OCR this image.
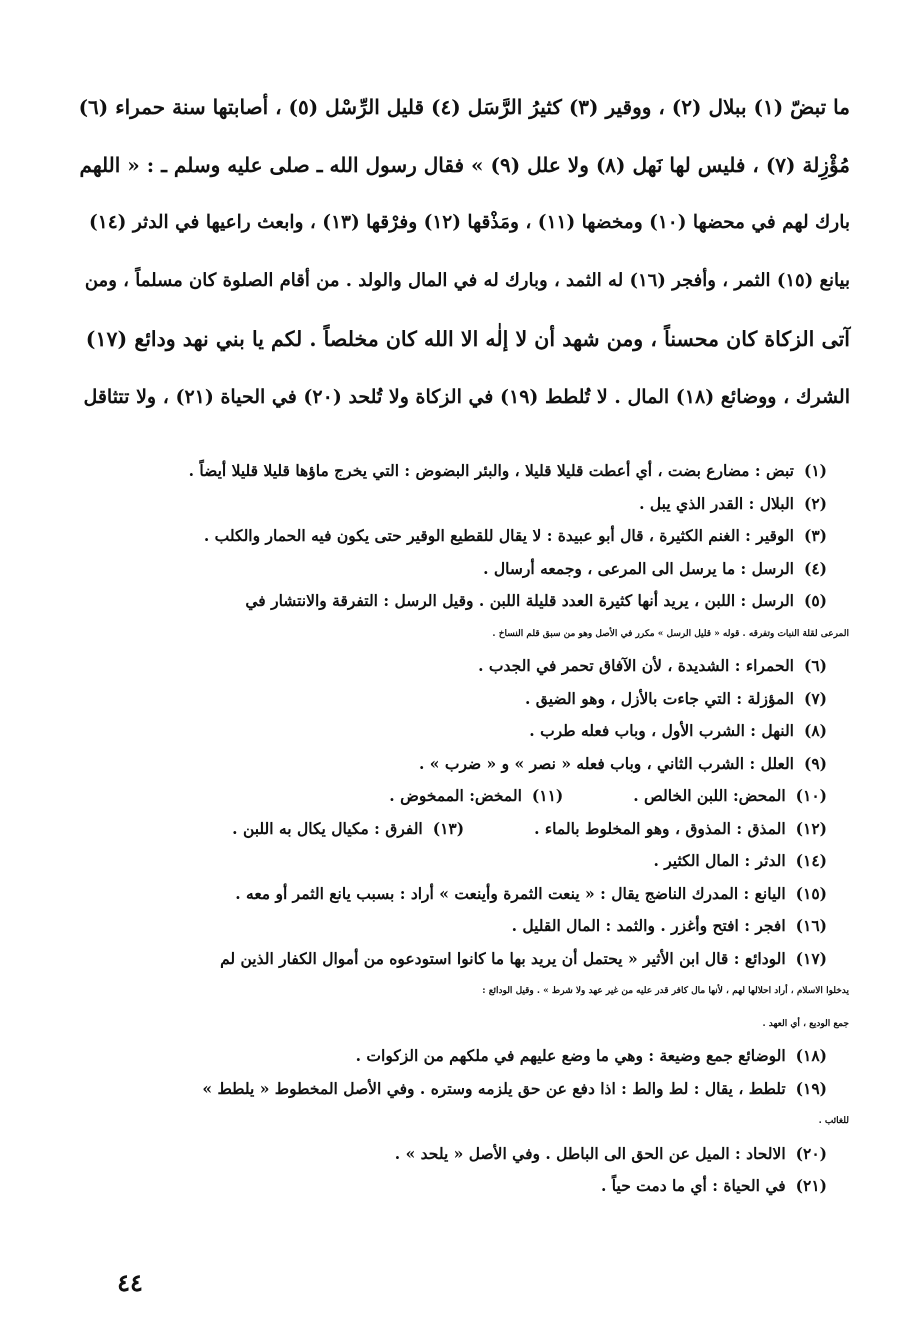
ما تبضّ (١) ببلال (٢) ، ووقير (٣) كثيرُ الرَّسَل (٤) قليل الرِّسْل (٥) ، أصابتها سنة حمراء (٦)
مُؤْزِلة (٧) ، فليس لها نَهل (٨) ولا علل (٩) » فقال رسول الله ـ صلى عليه وسلم ـ : « اللهم
بارك لهم في محضها (١٠) ومخضها (١١) ، ومَذْقها (١٢) وفرْقها (١٣) ، وابعث راعيها في الدثر (١٤)
بيانع (١٥) الثمر ، وأفجر (١٦) له الثمد ، وبارك له في المال والولد . من أقام الصلوة كان مسلماً ، ومن
آتى الزكاة كان محسناً ، ومن شهد أن لا إلٰه الا الله كان مخلصاً . لكم يا بني نهد ودائع (١٧)
الشرك ، ووضائع (١٨) المال . لا تُلطط (١٩) في الزكاة ولا تُلحد (٢٠) في الحياة (٢١) ، ولا تتثاقل
(١)تبض : مضارع بضت ، أي أعطت قليلا قليلا ، والبئر البضوض : التي يخرج ماؤها قليلا قليلا أيضاً .
(٢)البلال : القدر الذي يبل .
(٣)الوقير : الغنم الكثيرة ، قال أبو عبيدة : لا يقال للقطيع الوقير حتى يكون فيه الحمار والكلب .
(٤)الرسل : ما يرسل الى المرعى ، وجمعه أرسال .
(٥)الرسل : اللبن ، يريد أنها كثيرة العدد قليلة اللبن . وقيل الرسل : التفرقة والانتشار في
المرعى لقلة النبات وتفرقه . قوله « قليل الرسل » مكرر في الأصل وهو من سبق قلم النساخ .
(٦)الحمراء : الشديدة ، لأن الآفاق تحمر في الجدب .
(٧)المؤزلة : التي جاءت بالأزل ، وهو الضيق .
(٨)النهل : الشرب الأول ، وباب فعله طرب .
(٩)العلل : الشرب الثاني ، وباب فعله « نصر » و « ضرب » .
(١٠)المحض: اللبن الخالص .
(١١)المخض: الممخوض .
(١٢)المذق : المذوق ، وهو المخلوط بالماء .
(١٣)الفرق : مكيال يكال به اللبن .
(١٤)الدثر : المال الكثير .
(١٥)اليانع : المدرك الناضج يقال : « ينعت الثمرة وأينعت » أراد : بسبب يانع الثمر أو معه .
(١٦)افجر : افتح وأغزر . والثمد : المال القليل .
(١٧)الودائع : قال ابن الأثير « يحتمل أن يريد بها ما كانوا استودعوه من أموال الكفار الذين لم
يدخلوا الاسلام ، أراد احلالها لهم ، لأنها مال كافر قدر عليه من غير عهد ولا شرط » . وقيل الودائع :
جمع الوديع ، أي العهد .
(١٨)الوضائع جمع وضيعة : وهي ما وضع عليهم في ملكهم من الزكوات .
(١٩)تلطط ، يقال : لط والط : اذا دفع عن حق يلزمه وستره . وفي الأصل المخطوط « يلطط »
للغائب .
(٢٠)الالحاد : الميل عن الحق الى الباطل . وفي الأصل « يلحد » .
(٢١)في الحياة : أي ما دمت حياً .
٤٤
